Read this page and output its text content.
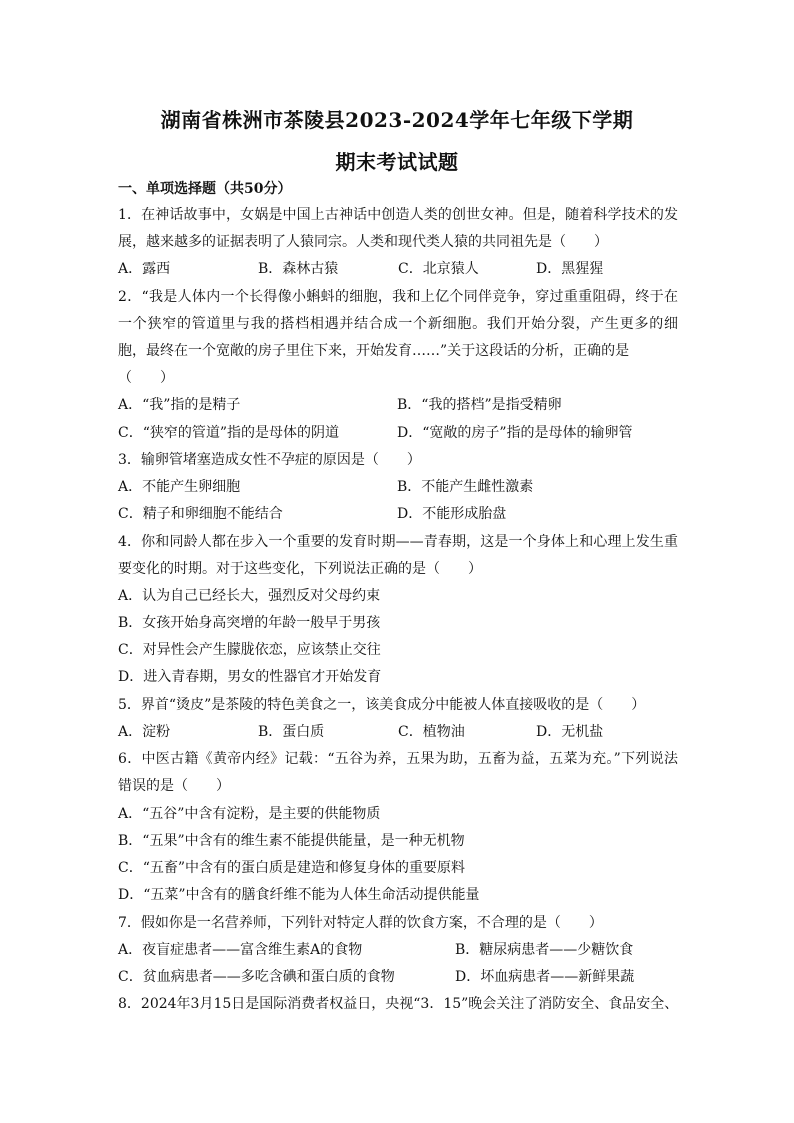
湖南省株洲市茶陵县2023-2024学年七年级下学期
期末考试试题
一、单项选择题（共50分）
1．在神话故事中，女娲是中国上古神话中创造人类的创世女神。但是，随着科学技术的发
展，越来越多的证据表明了人猿同宗。人类和现代类人猿的共同祖先是（　　）
A．露西	B．森林古猿	C．北京猿人	D．黑猩猩
2．“我是人体内一个长得像小蝌蚪的细胞，我和上亿个同伴竞争，穿过重重阻碍，终于在
一个狭窄的管道里与我的搭档相遇并结合成一个新细胞。我们开始分裂，产生更多的细
胞，最终在一个宽敞的房子里住下来，开始发育……”关于这段话的分析，正确的是
（　　）
A．“我”指的是精子	B．“我的搭档”是指受精卵
C．“狭窄的管道”指的是母体的阴道	D．“宽敞的房子”指的是母体的输卵管
3．输卵管堵塞造成女性不孕症的原因是（　　）
A．不能产生卵细胞	B．不能产生雌性激素
C．精子和卵细胞不能结合	D．不能形成胎盘
4．你和同龄人都在步入一个重要的发育时期——青春期，这是一个身体上和心理上发生重
要变化的时期。对于这些变化，下列说法正确的是（　　）
A．认为自己已经长大，强烈反对父母约束
B．女孩开始身高突增的年龄一般早于男孩
C．对异性会产生朦胧依恋，应该禁止交往
D．进入青春期，男女的性器官才开始发育
5．界首“烫皮”是茶陵的特色美食之一，该美食成分中能被人体直接吸收的是（　　）
A．淀粉	B．蛋白质	C．植物油	D．无机盐
6．中医古籍《黄帝内经》记载：“五谷为养，五果为助，五畜为益，五菜为充。”下列说法
错误的是（　　）
A．“五谷”中含有淀粉，是主要的供能物质
B．“五果”中含有的维生素不能提供能量，是一种无机物
C．“五畜”中含有的蛋白质是建造和修复身体的重要原料
D．“五菜”中含有的膳食纤维不能为人体生命活动提供能量
7．假如你是一名营养师，下列针对特定人群的饮食方案，不合理的是（　　）
A．夜盲症患者——富含维生素A的食物	B．糖尿病患者——少糖饮食
C．贫血病患者——多吃含碘和蛋白质的食物	D．坏血病患者——新鲜果蔬
8．2024年3月15日是国际消费者权益日，央视“3．15”晚会关注了消防安全、食品安全、
